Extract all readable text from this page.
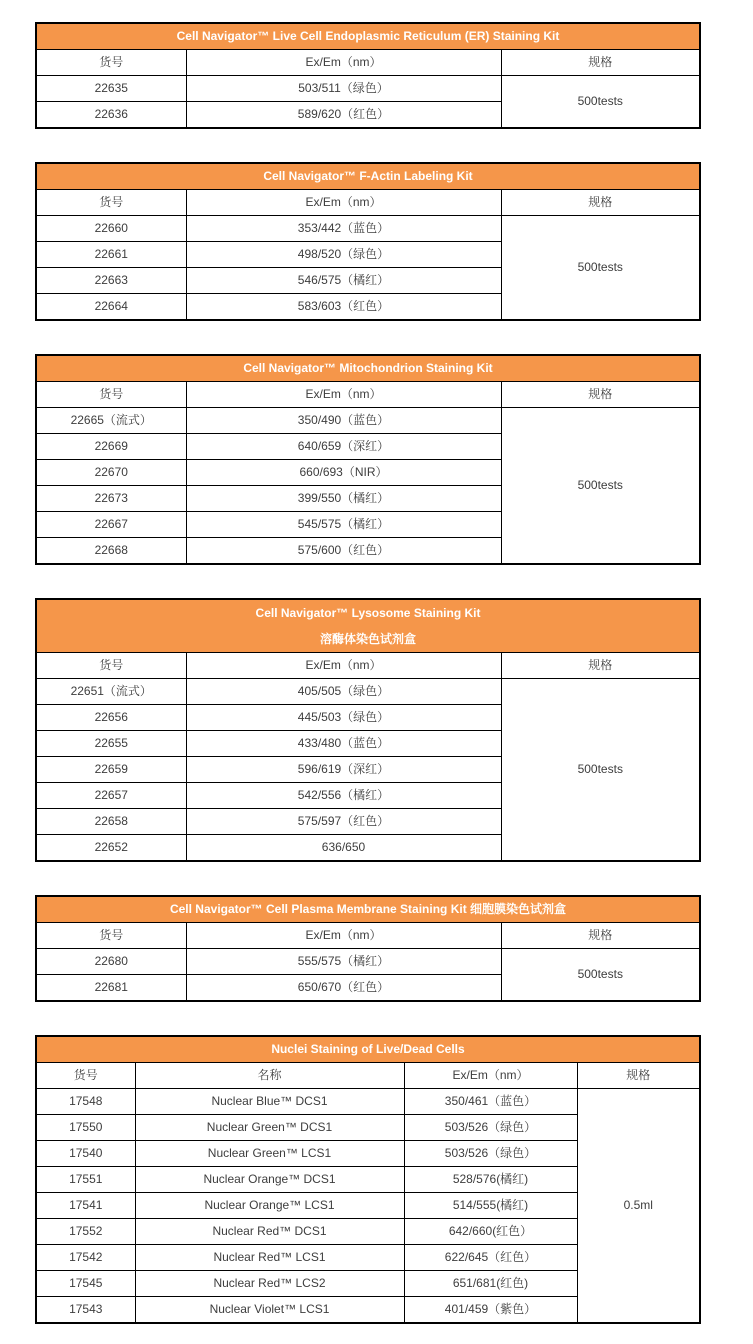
Cell Navigator™ Live Cell Endoplasmic Reticulum (ER) Staining Kit		
货号	Ex/Em（nm）	规格
22635	503/511（绿色）	500tests
22636	589/620（红色）	
Cell Navigator™ F-Actin Labeling Kit		
货号	Ex/Em（nm）	规格
22660	353/442（蓝色）	500tests
22661	498/520（绿色）	
22663	546/575（橘红）	
22664	583/603（红色）	
Cell Navigator™ Mitochondrion Staining Kit		
货号	Ex/Em（nm）	规格
22665（流式）	350/490（蓝色）	500tests
22669	640/659（深红）	
22670	660/693（NIR）	
22673	399/550（橘红）	
22667	545/575（橘红）	
22668	575/600（红色）	
Cell Navigator™ Lysosome Staining Kit
溶酶体染色试剂盒		

货号	Ex/Em（nm）	规格
22651（流式）	405/505（绿色）	500tests
22656	445/503（绿色）	
22655	433/480（蓝色）	
22659	596/619（深红）	
22657	542/556（橘红）	
22658	575/597（红色）	
22652	636/650	
Cell Navigator™ Cell Plasma Membrane Staining Kit 细胞膜染色试剂盒		
货号	Ex/Em（nm）	规格
22680	555/575（橘红）	500tests
22681	650/670（红色）	
Nuclei Staining of Live/Dead Cells			
货号	名称	Ex/Em（nm）	规格
17548	Nuclear Blue™ DCS1	350/461（蓝色）	0.5ml
17550	Nuclear Green™ DCS1	503/526（绿色）	
17540	Nuclear Green™ LCS1	503/526（绿色）	
17551	Nuclear Orange™ DCS1	528/576(橘红)	
17541	Nuclear Orange™ LCS1	514/555(橘红)	
17552	Nuclear Red™ DCS1	642/660(红色）	
17542	Nuclear Red™ LCS1	622/645（红色）	
17545	Nuclear Red™ LCS2	651/681(红色)	
17543	Nuclear Violet™ LCS1	401/459（紫色）	
